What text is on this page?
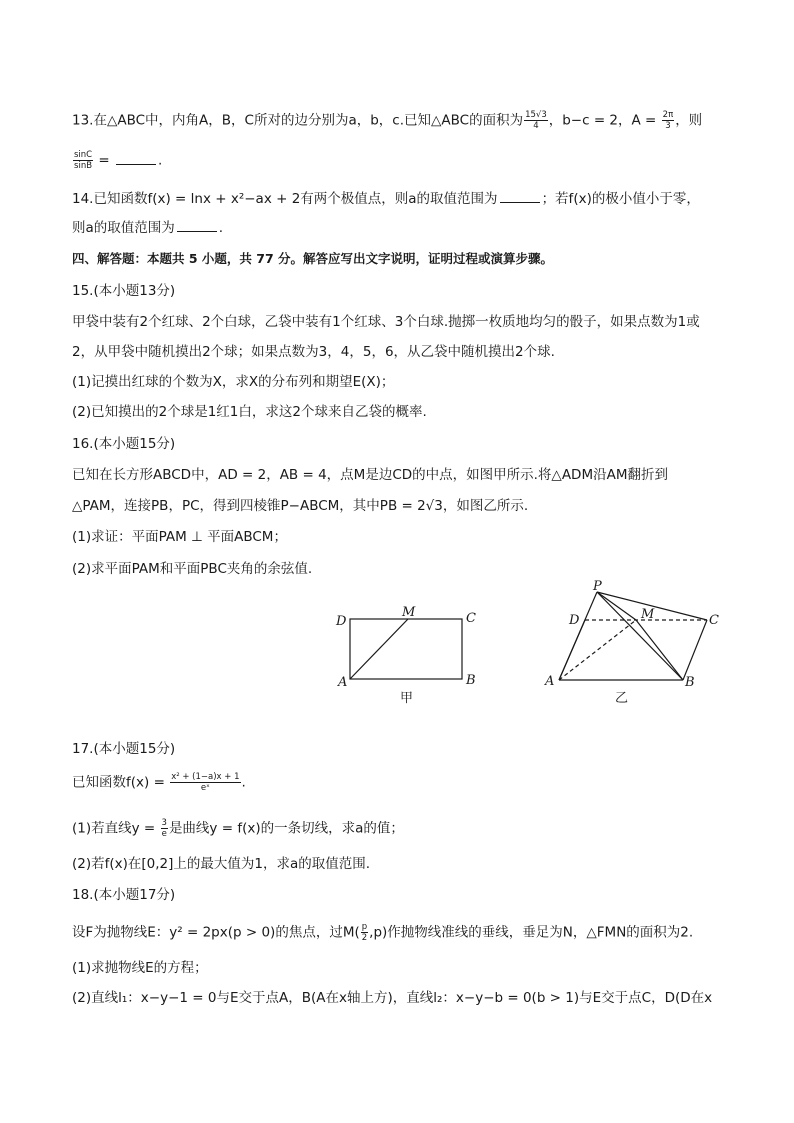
13.在△ABC中，内角A，B，C所对的边分别为a，b，c.已知△ABC的面积为 $\frac{15√3}{4}$ ，b−c = 2，$A = \frac{2\pi}{3}$ ，则
$\frac{\sin C}{\sin B}$ =	.
14.已知函数f(x) = lnx + x²−ax + 2有两个极值点，则a的取值范围为	；若f(x)的极小值小于零，
则a的取值范围为	.
四、解答题：本题共 5 小题，共 77 分。解答应写出文字说明，证明过程或演算步骤。
15.(本小题13分)
甲袋中装有2个红球、2个白球，乙袋中装有1个红球、3个白球.抛掷一枚质地均匀的骰子，如果点数为1或
2，从甲袋中随机摸出2个球；如果点数为3，4，5，6，从乙袋中随机摸出2个球.
(1)记摸出红球的个数为X，求X的分布列和期望E(X)；
(2)已知摸出的2个球是1红1白，求这2个球来自乙袋的概率.
16.(本小题15分)
已知在长方形ABCD中，AD = 2，AB = 4，点M是边CD的中点，如图甲所示.将△ADM沿AM翻折到
△PAM，连接PB，PC，得到四棱锥P−ABCM，其中PB = 2√3，如图乙所示.
(1)求证：平面PAM ⊥ 平面ABCM；
(2)求平面PAM和平面PBC夹角的余弦值.
D
M	C
A	B
甲
P
D	M	C
A	B
乙
17.(本小题15分)
已知函数$f(x) = \frac{\text{x² + (1−a)x + 1}}{\text{eˣ}}$ .
(1)若直线$y = \frac{3}{e}$ 是曲线y = f(x)的一条切线，求a的值；
(2)若f(x)在[0,2]上的最大值为1，求a的取值范围.
18.(本小题17分)
设F为抛物线E：y² = 2px(p > 0)的焦点，过$M( \frac{p}{2} ,p)$作抛物线准线的垂线，垂足为N，△FMN的面积为2.
(1)求抛物线E的方程；
(2)直线l₁：x−y−1 = 0与E交于点A，B(A在x轴上方)，直线l₂：x−y−b = 0(b > 1)与E交于点C，D(D在x
